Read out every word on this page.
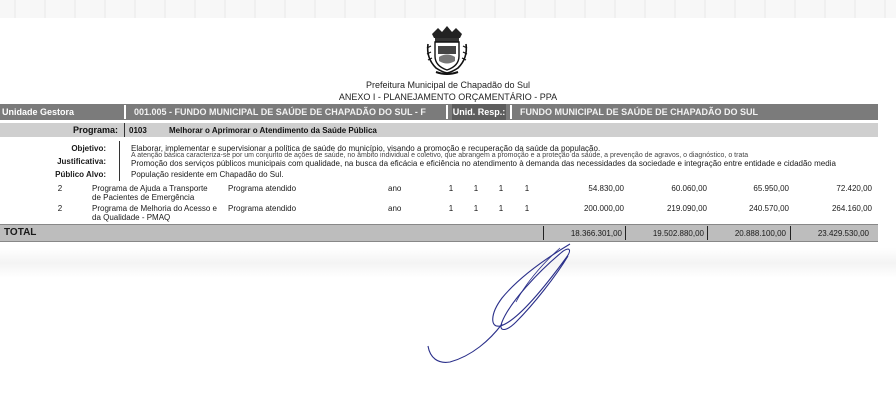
Prefeitura Municipal de Chapadão do Sul
ANEXO I - PLANEJAMENTO ORÇAMENTÁRIO - PPA
Unidade Gestora	001.005 - FUNDO MUNICIPAL DE SAÚDE DE CHAPADÃO DO SUL - F	Unid. Resp.:	FUNDO MUNICIPAL DE SAÚDE DE CHAPADÃO DO SUL
Programa:	0103	Melhorar o Aprimorar o Atendimento da Saúde Pública
Objetivo:	Elaborar, implementar e supervisionar a política de saúde do município, visando a promoção e recuperação da saúde da população.
Justificativa:
A atenção básica caracteriza-se por um conjunto de ações de saúde, no âmbito individual e coletivo, que abrangem a promoção e a proteção da saúde, a prevenção de agravos, o diagnóstico, o trata
Promoção dos serviços públicos municipais com qualidade, na busca da eficácia e eficiência no atendimento à demanda das necessidades da sociedade e integração entre entidade e cidadão media
Público Alvo:	População residente em Chapadão do Sul.
2	Programa de Ajuda a Transporte
de Pacientes de Emergência
Programa atendido	ano	1	1	1	1	54.830,00	60.060,00	65.950,00	72.420,00
2	Programa de Melhoria do Acesso e
da Qualidade - PMAQ
Programa atendido	ano	1	1	1	1	200.000,00	219.090,00	240.570,00	264.160,00
TOTAL	18.366.301,00	19.502.880,00	20.888.100,00	23.429.530,00
